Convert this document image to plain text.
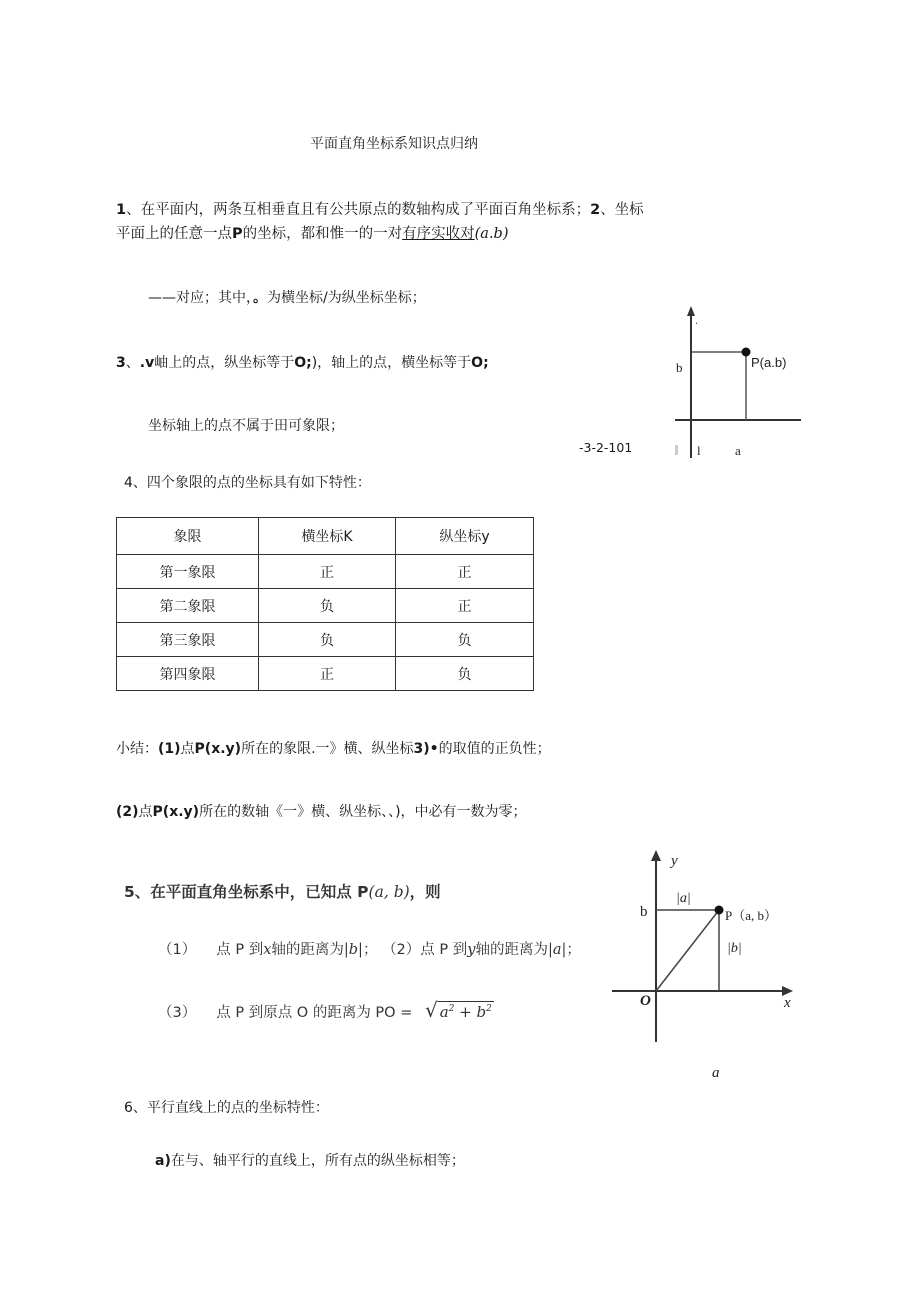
平面直角坐标系知识点归纳
1、在平面内，两条互相垂直且有公共原点的数轴构成了平面百角坐标系；2、坐标
平面上的任意一点P的坐标，都和惟一的一对有序实收对(a.b)
——对应；其中，。为横坐标/为纵坐标坐标；
3、.v岫上的点，纵坐标等于O;)，轴上的点，横坐标等于O;
坐标轴上的点不属于田可象限；
-3-2-101
.
P(a.b)
b
l	a
4、四个象限的点的坐标具有如下特性：
象限	横坐标K	纵坐标y
第一象限	正	正
第二象限	负	正
第三象限	负	负
第四象限	正	负
小结：(1)点P(x.y)所在的象限.一》横、纵坐标3)•的取值的正负性；
(2)点P(x.y)所在的数轴《一》横、纵坐标、、)，中必有一数为零；
5、在平面直角坐标系中，已知点 P(a, b)，则
（1） 点 P 到x轴的距离为|b|； （2）点 P 到y轴的距离为|a|；
（3） 点 P 到原点 O 的距离为 PO = √ $a^2 + b^2$
y
x
O
b
|a|
|b|
P（a, b）
a
6、平行直线上的点的坐标特性：
a)在与、轴平行的直线上，所有点的纵坐标相等；
